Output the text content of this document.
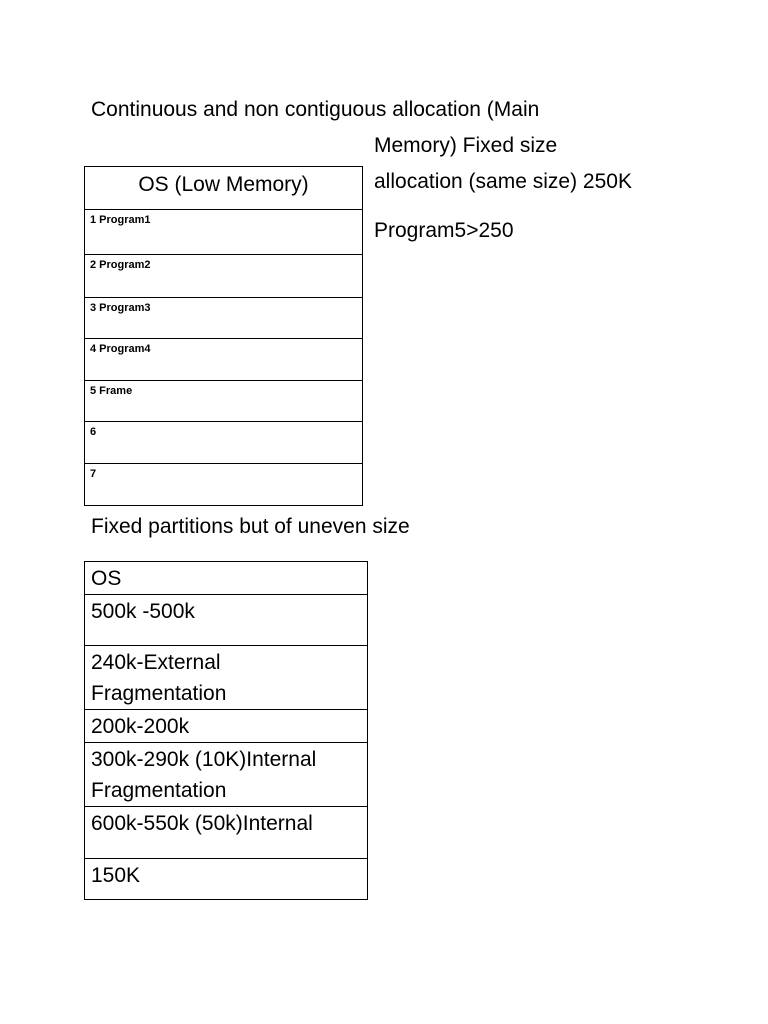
Continuous and non contiguous allocation (Main
Memory) Fixed size
allocation (same size) 250K
Program5>250
OS (Low Memory)
1 Program1
2 Program2
3 Program3
4 Program4
5 Frame
6
7
Fixed partitions but of uneven size
OS
500k -500k
240k-External
Fragmentation
200k-200k
300k-290k (10K)Internal
Fragmentation
600k-550k (50k)Internal
150K
